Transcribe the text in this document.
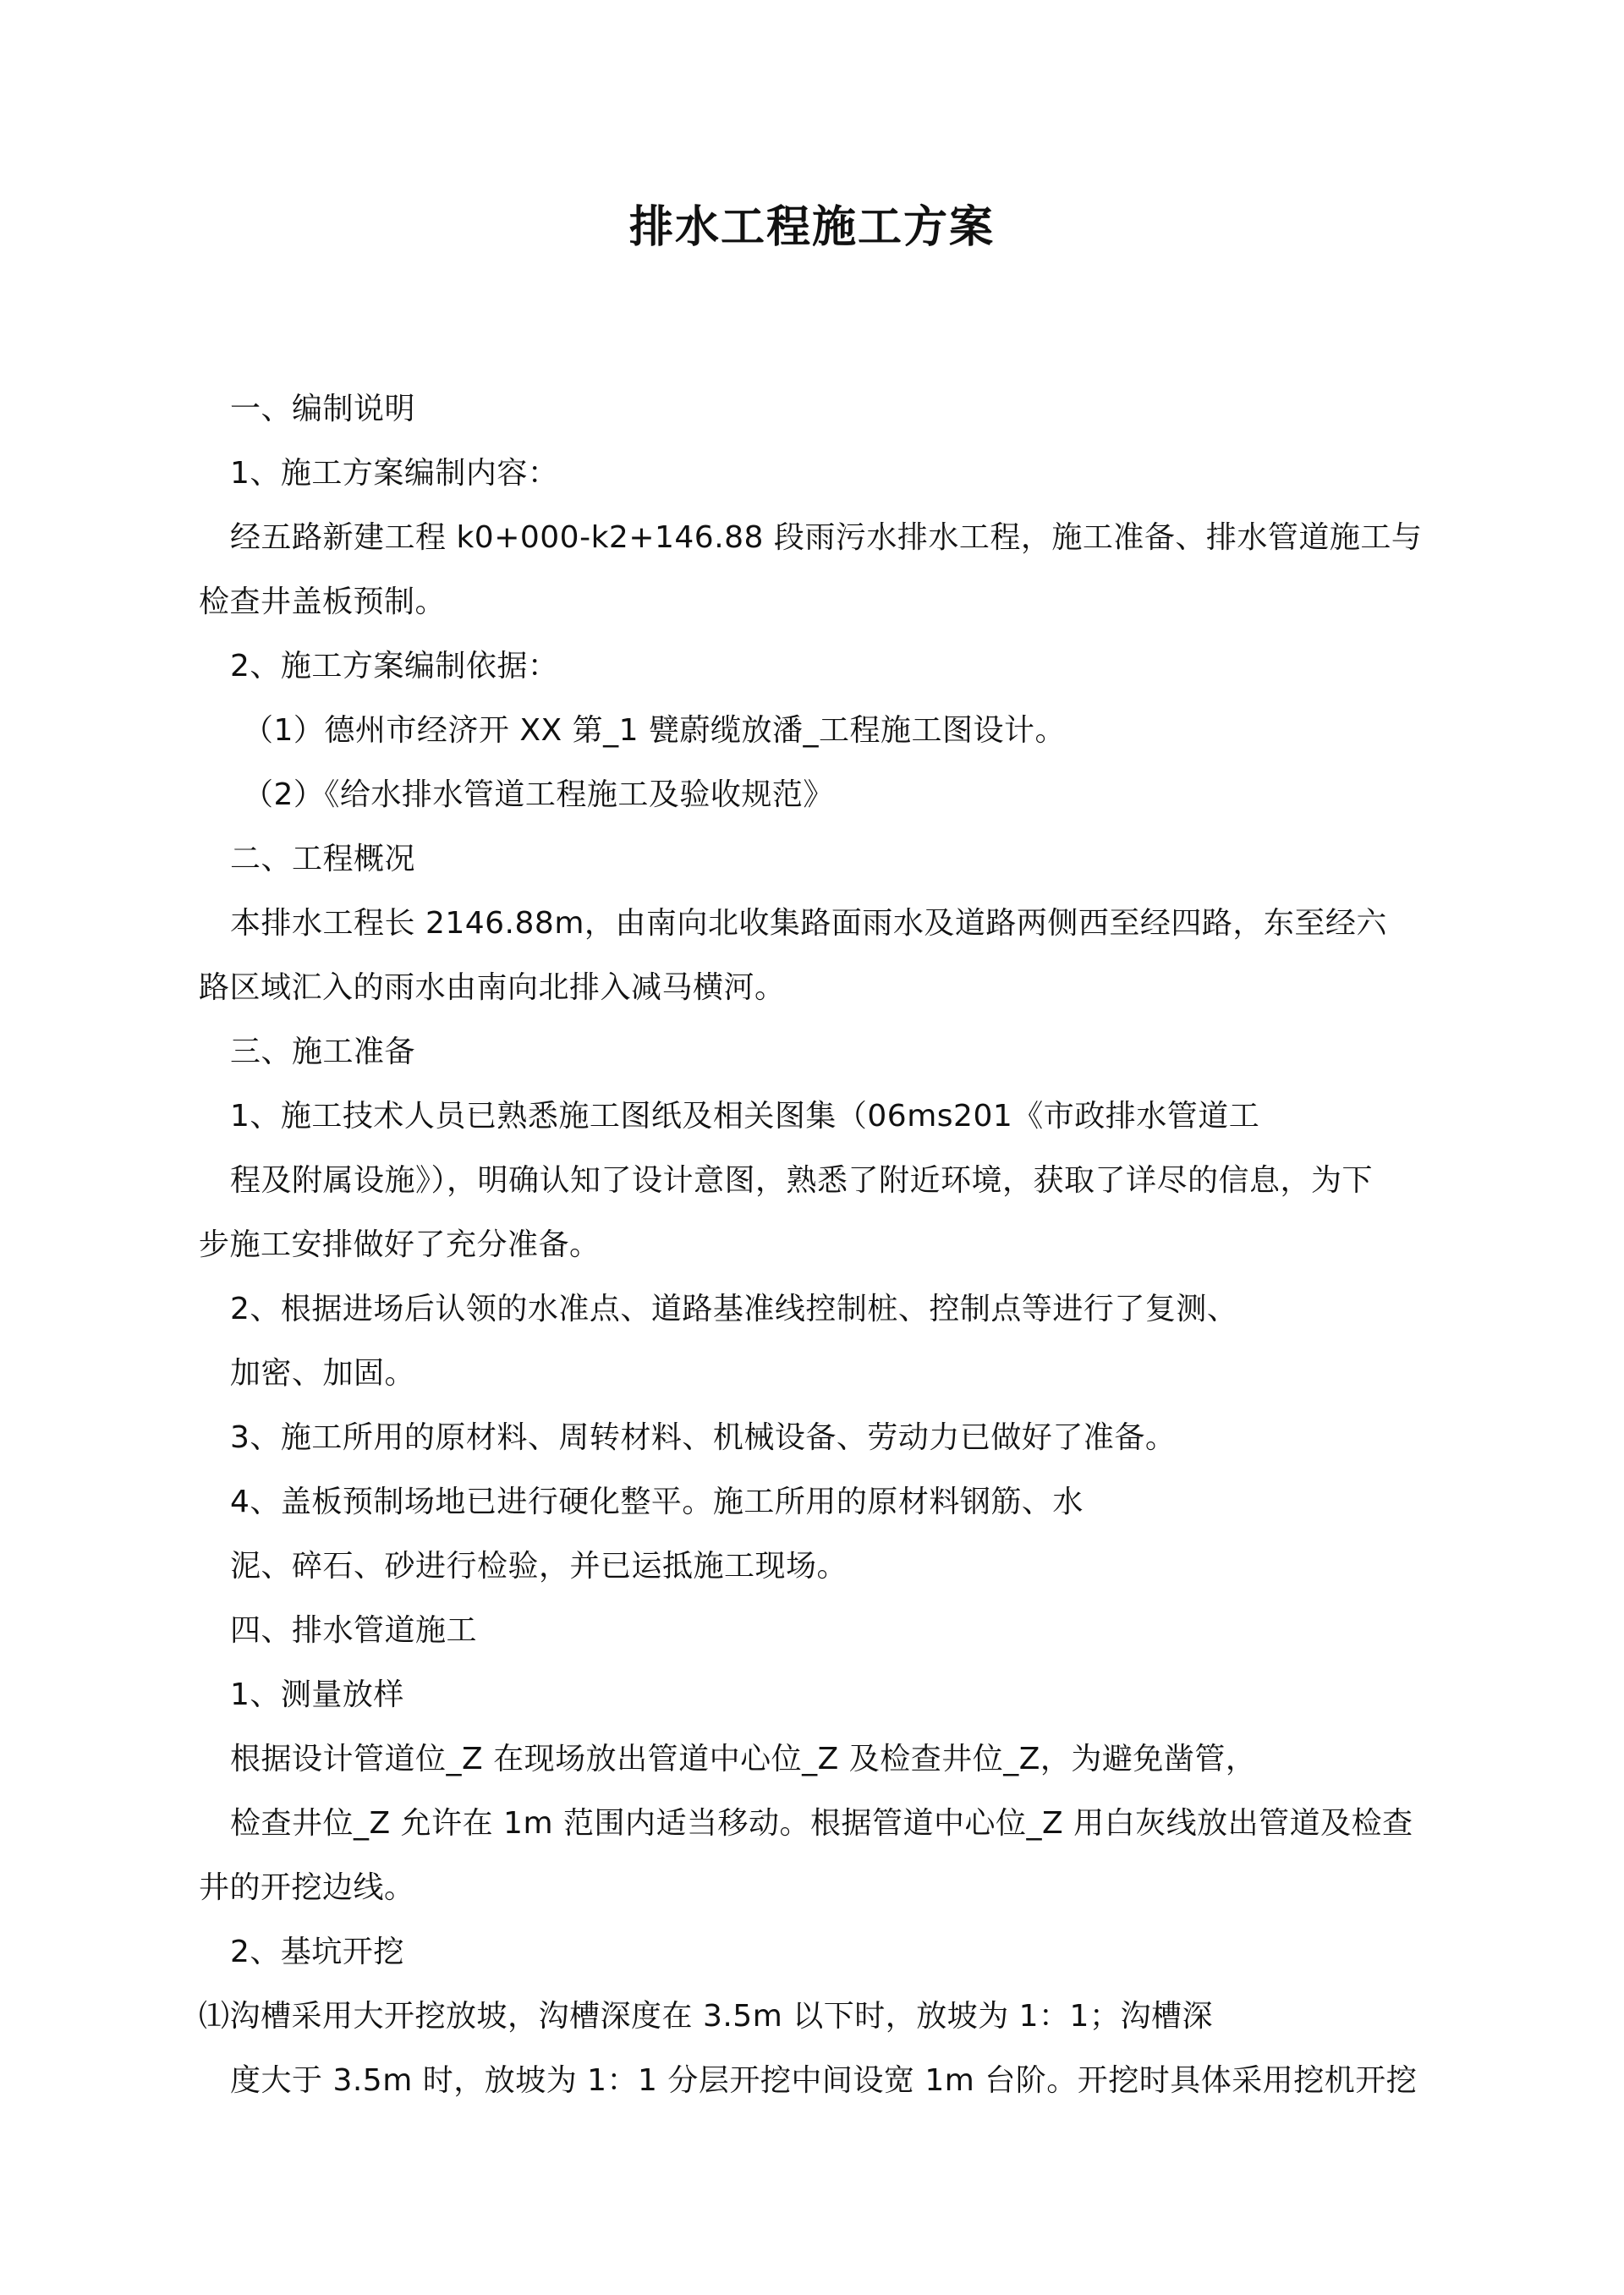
排水工程施工方案
一、编制说明
1、施工方案编制内容：
经五路新建工程 k0+000-k2+146.88 段雨污水排水工程，施工准备、排水管道施工与
检查井盖板预制。
2、施工方案编制依据：
（1）德州市经济开 XX 第_1 甓蔚缆放潘_工程施工图设计。
（2）《给水排水管道工程施工及验收规范》
二、工程概况
本排水工程长 2146.88m，由南向北收集路面雨水及道路两侧西至经四路，东至经六
路区域汇入的雨水由南向北排入减马横河。
三、施工准备
1、施工技术人员已熟悉施工图纸及相关图集（06ms201《市政排水管道工
程及附属设施》），明确认知了设计意图，熟悉了附近环境，获取了详尽的信息，为下
步施工安排做好了充分准备。
2、根据进场后认领的水准点、道路基准线控制桩、控制点等进行了复测、
加密、加固。
3、施工所用的原材料、周转材料、机械设备、劳动力已做好了准备。
4、盖板预制场地已进行硬化整平。施工所用的原材料钢筋、水
泥、碎石、砂进行检验，并已运抵施工现场。
四、排水管道施工
1、测量放样
根据设计管道位_Z 在现场放出管道中心位_Z 及检查井位_Z，为避免凿管，
检查井位_Z 允许在 1m 范围内适当移动。根据管道中心位_Z 用白灰线放出管道及检查
井的开挖边线。
2、基坑开挖
⑴沟槽采用大开挖放坡，沟槽深度在 3.5m 以下时，放坡为 1：1；沟槽深
度大于 3.5m 时，放坡为 1：1 分层开挖中间设宽 1m 台阶。开挖时具体采用挖机开挖
